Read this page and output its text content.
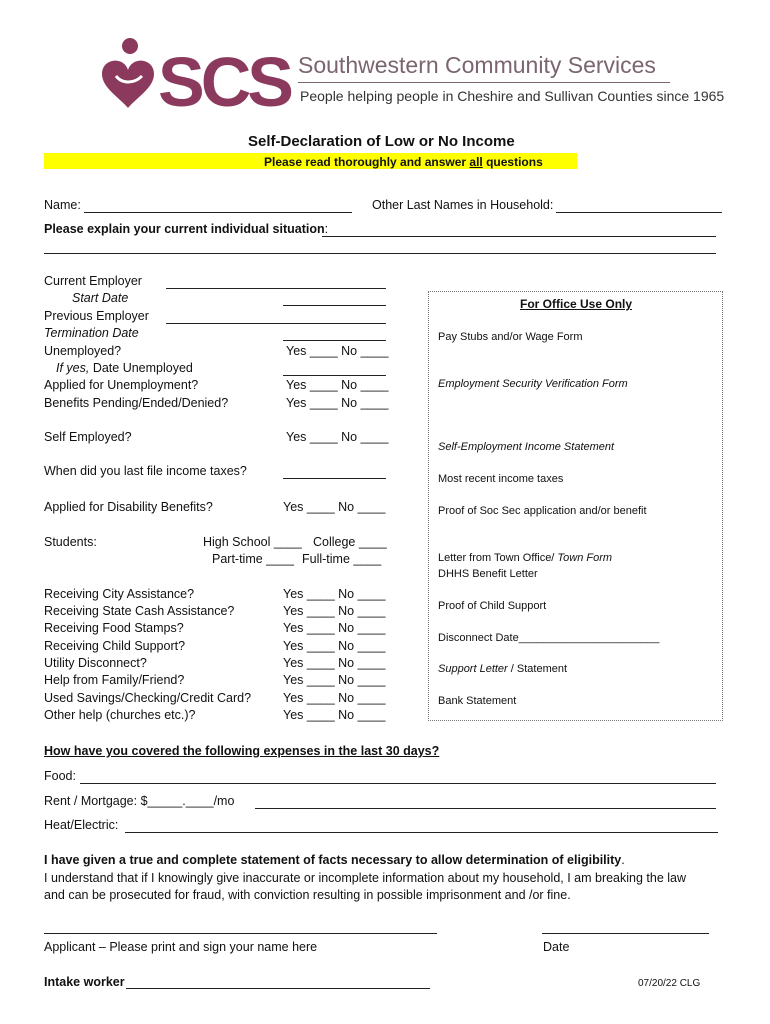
SCS Southwestern Community Services
People helping people in Cheshire and Sullivan Counties since 1965
Self-Declaration of Low or No Income
Please read thoroughly and answer all questions
Name:	Other Last Names in Household:
Please explain your current individual situation:
Current Employer
Start Date
Previous Employer
Termination Date
Unemployed?	Yes ____ No ____
If yes, Date Unemployed
Applied for Unemployment?	Yes ____ No ____
Benefits Pending/Ended/Denied?	Yes ____ No ____
Self Employed?	Yes ____ No ____
When did you last file income taxes?
Applied for Disability Benefits?	Yes ____ No ____
Students:	High School ____ College ____
Part-time ____ Full-time ____
Receiving City Assistance?	Yes ____ No ____
Receiving State Cash Assistance?	Yes ____ No ____
Receiving Food Stamps?	Yes ____ No ____
Receiving Child Support?	Yes ____ No ____
Utility Disconnect?	Yes ____ No ____
Help from Family/Friend?	Yes ____ No ____
Used Savings/Checking/Credit Card?	Yes ____ No ____
Other help (churches etc.)?	Yes ____ No ____
For Office Use Only
Pay Stubs and/or Wage Form
Employment Security Verification Form
Self-Employment Income Statement
Most recent income taxes
Proof of Soc Sec application and/or benefit
Letter from Town Office/ Town Form
DHHS Benefit Letter
Proof of Child Support
Disconnect Date_______________________
Support Letter / Statement
Bank Statement
How have you covered the following expenses in the last 30 days?
Food:
Rent / Mortgage: $_____.____/mo
Heat/Electric:
I have given a true and complete statement of facts necessary to allow determination of eligibility.
I understand that if I knowingly give inaccurate or incomplete information about my household, I am breaking the law
and can be prosecuted for fraud, with conviction resulting in possible imprisonment and /or fine.
Applicant – Please print and sign your name here	Date
Intake worker	07/20/22 CLG
